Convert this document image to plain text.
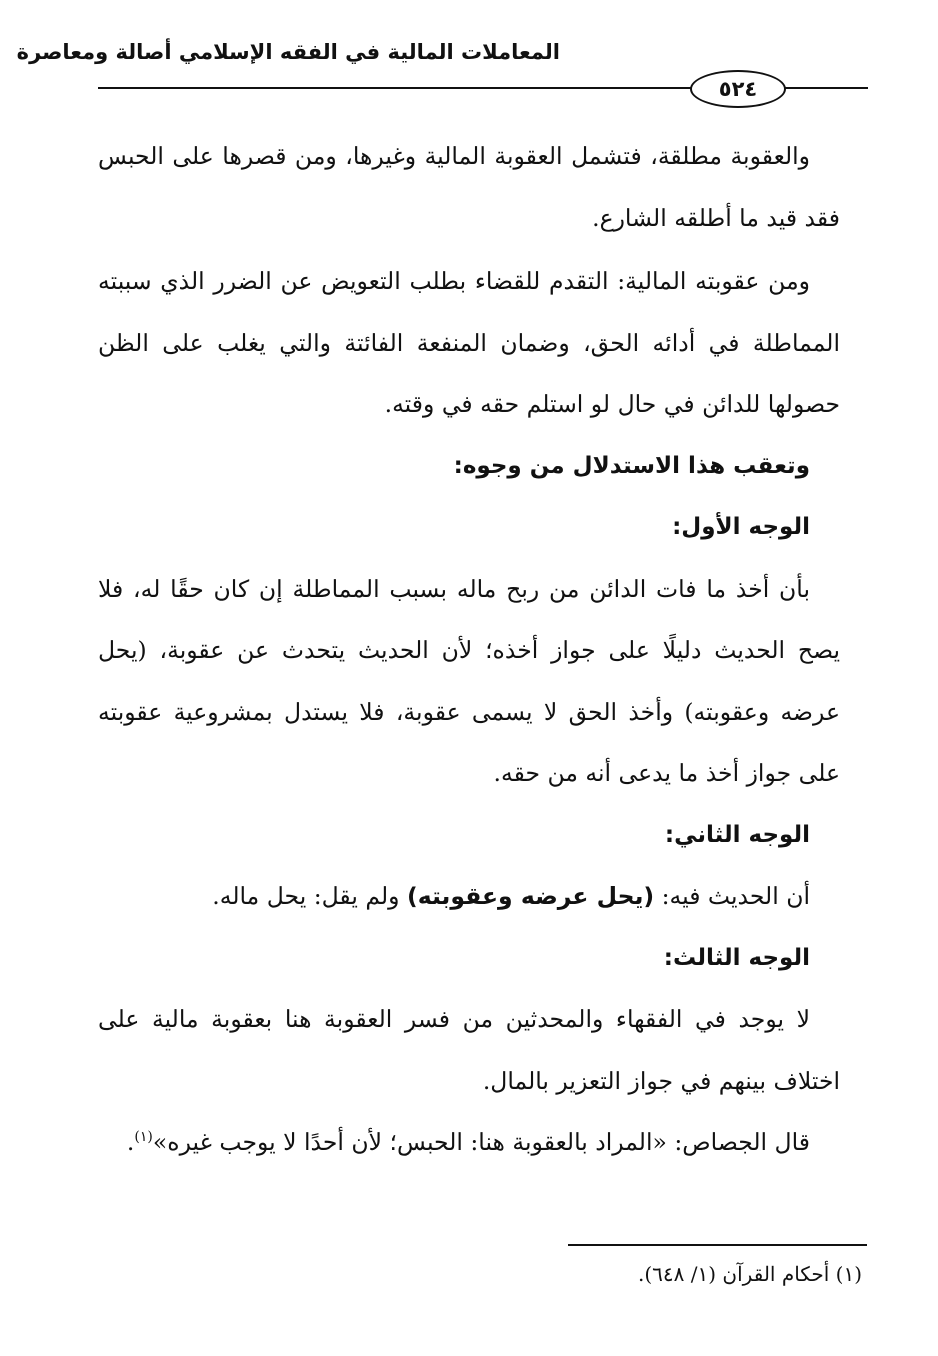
المعاملات المالية في الفقه الإسلامي أصالة ومعاصرة
٥٢٤

والعقوبة مطلقة، فتشمل العقوبة المالية وغيرها، ومن قصرها على الحبس فقد قيد ما أطلقه الشارع.

ومن عقوبته المالية: التقدم للقضاء بطلب التعويض عن الضرر الذي سببته المماطلة في أدائه الحق، وضمان المنفعة الفائتة والتي يغلب على الظن حصولها للدائن في حال لو استلم حقه في وقته.

وتعقب هذا الاستدلال من وجوه:

الوجه الأول:

بأن أخذ ما فات الدائن من ربح ماله بسبب المماطلة إن كان حقًا له، فلا يصح الحديث دليلًا على جواز أخذه؛ لأن الحديث يتحدث عن عقوبة، (يحل عرضه وعقوبته) وأخذ الحق لا يسمى عقوبة، فلا يستدل بمشروعية عقوبته على جواز أخذ ما يدعى أنه من حقه.

الوجه الثاني:

أن الحديث فيه: (يحل عرضه وعقوبته) ولم يقل: يحل ماله.

الوجه الثالث:

لا يوجد في الفقهاء والمحدثين من فسر العقوبة هنا بعقوبة مالية على اختلاف بينهم في جواز التعزير بالمال.

قال الجصاص: «المراد بالعقوبة هنا: الحبس؛ لأن أحدًا لا يوجب غيره»$^{(١)}$.

(١) أحكام القرآن (١/ ٦٤٨).
